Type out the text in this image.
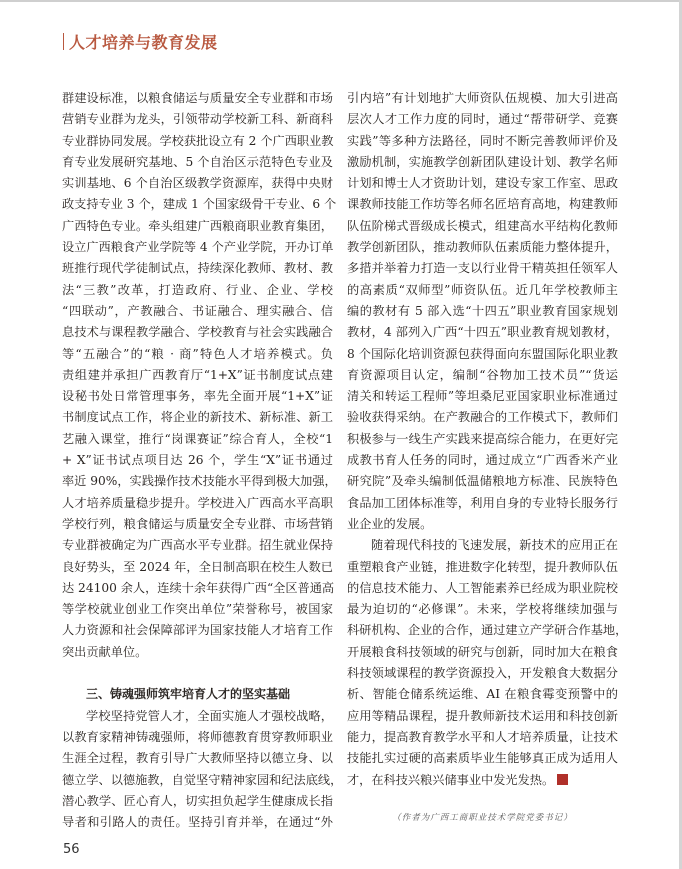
人才培养与教育发展
群建设标准，以粮食储运与质量安全专业群和市场
营销专业群为龙头，引领带动学校新工科、新商科
专业群协同发展。学校获批设立有 2 个广西职业教
育专业发展研究基地、5 个自治区示范特色专业及
实训基地、6 个自治区级教学资源库，获得中央财
政支持专业 3 个，建成 1 个国家级骨干专业、6 个
广西特色专业。牵头组建广西粮商职业教育集团，
设立广西粮食产业学院等 4 个产业学院，开办订单
班推行现代学徒制试点，持续深化教师、教材、教
法“三教”改革，打造政府、行业、企业、学校
“四联动”，产教融合、书证融合、理实融合、信
息技术与课程教学融合、学校教育与社会实践融合
等“五融合”的“粮 · 商”特色人才培养模式。负
责组建并承担广西教育厅“1+X”证书制度试点建
设秘书处日常管理事务，率先全面开展“1+X”证
书制度试点工作，将企业的新技术、新标准、新工
艺融入课堂，推行“岗课赛证”综合育人，全校“1
+ X”证书试点项目达 26 个，学生“X”证书通过
率近 90%，实践操作技术技能水平得到极大加强，
人才培养质量稳步提升。学校进入广西高水平高职
学校行列，粮食储运与质量安全专业群、市场营销
专业群被确定为广西高水平专业群。招生就业保持
良好势头，至 2024 年，全日制高职在校生人数已
达 24100 余人，连续十余年获得广西“全区普通高
等学校就业创业工作突出单位”荣誉称号，被国家
人力资源和社会保障部评为国家技能人才培育工作
突出贡献单位。
三、铸魂强师筑牢培育人才的坚实基础
学校坚持党管人才，全面实施人才强校战略，
以教育家精神铸魂强师，将师德教育贯穿教师职业
生涯全过程，教育引导广大教师坚持以德立身、以
德立学、以德施教，自觉坚守精神家园和纪法底线，
潜心教学、匠心育人，切实担负起学生健康成长指
导者和引路人的责任。坚持引育并举，在通过“外
引内培”有计划地扩大师资队伍规模、加大引进高
层次人才工作力度的同时，通过“帮带研学、竞赛
实践”等多种方法路径，同时不断完善教师评价及
激励机制，实施教学创新团队建设计划、教学名师
计划和博士人才资助计划，建设专家工作室、思政
课教师技能工作坊等名师名匠培育高地，构建教师
队伍阶梯式晋级成长模式，组建高水平结构化教师
教学创新团队，推动教师队伍素质能力整体提升，
多措并举着力打造一支以行业骨干精英担任领军人
的高素质“双师型”师资队伍。近几年学校教师主
编的教材有 5 部入选“十四五”职业教育国家规划
教材，4 部列入广西“十四五”职业教育规划教材，
8 个国际化培训资源包获得面向东盟国际化职业教
育资源项目认定，编制“谷物加工技术员”“货运
清关和转运工程师”等坦桑尼亚国家职业标准通过
验收获得采纳。在产教融合的工作模式下，教师们
积极参与一线生产实践来提高综合能力，在更好完
成教书育人任务的同时，通过成立“广西香米产业
研究院”及牵头编制低温储粮地方标准、民族特色
食品加工团体标准等，利用自身的专业特长服务行
业企业的发展。
随着现代科技的飞速发展，新技术的应用正在
重塑粮食产业链，推进数字化转型，提升教师队伍
的信息技术能力、人工智能素养已经成为职业院校
最为迫切的“必修课”。未来，学校将继续加强与
科研机构、企业的合作，通过建立产学研合作基地，
开展粮食科技领域的研究与创新，同时加大在粮食
科技领域课程的教学资源投入，开发粮食大数据分
析、智能仓储系统运维、AI 在粮食霉变预警中的
应用等精品课程，提升教师新技术运用和科技创新
能力，提高教育教学水平和人才培养质量，让技术
技能扎实过硬的高素质毕业生能够真正成为适用人
才，在科技兴粮兴储事业中发光发热。
（作者为广西工商职业技术学院党委书记）
56
